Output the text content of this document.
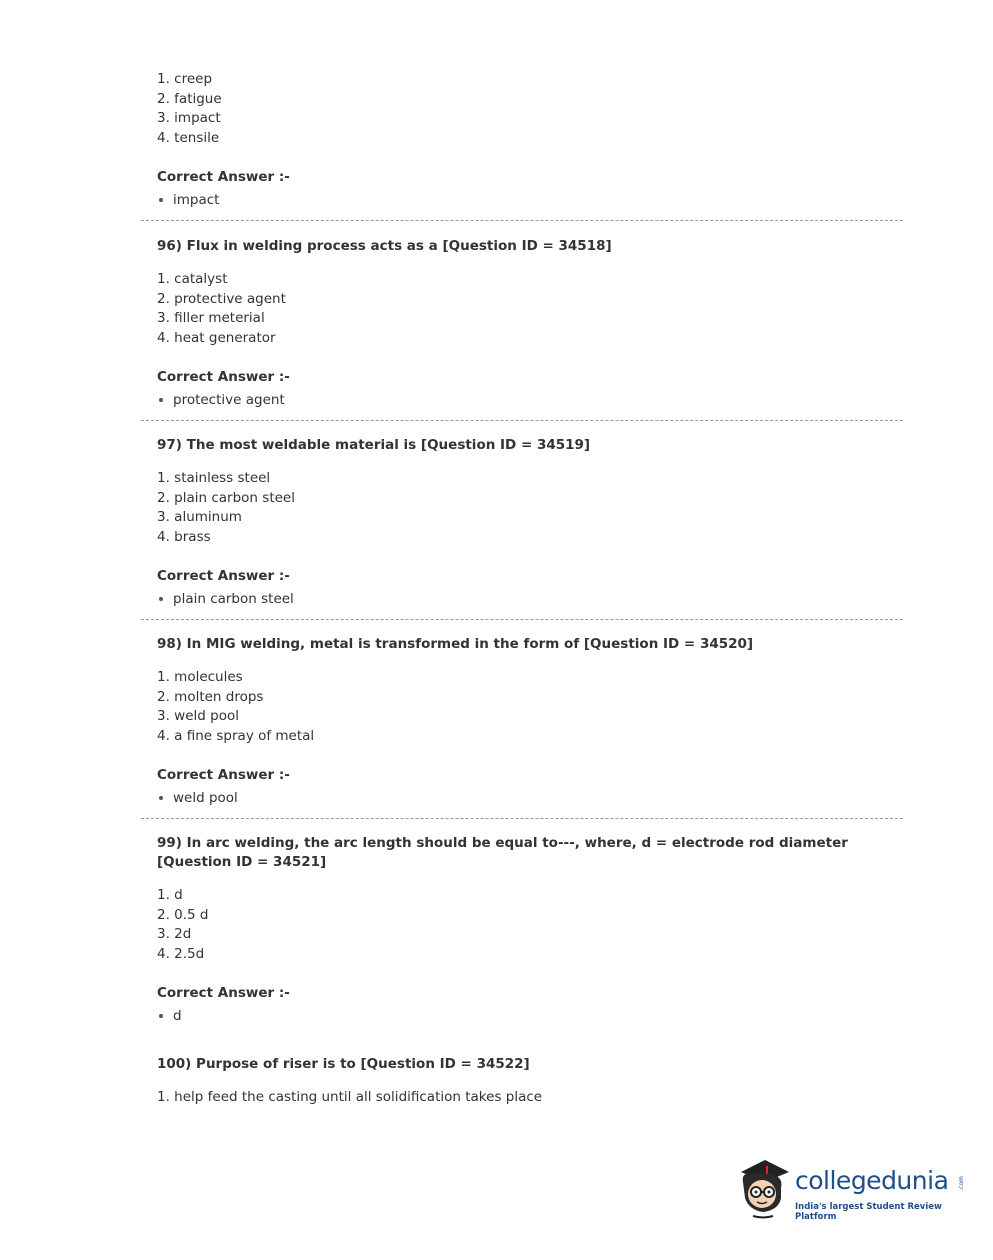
1. creep
2. fatigue
3. impact
4. tensile
Correct Answer :-
impact
96) Flux in welding process acts as a [Question ID = 34518]
1. catalyst
2. protective agent
3. filler meterial
4. heat generator
Correct Answer :-
protective agent
97) The most weldable material is [Question ID = 34519]
1. stainless steel
2. plain carbon steel
3. aluminum
4. brass
Correct Answer :-
plain carbon steel
98) In MIG welding, metal is transformed in the form of [Question ID = 34520]
1. molecules
2. molten drops
3. weld pool
4. a fine spray of metal
Correct Answer :-
weld pool
99) In arc welding, the arc length should be equal to---, where, d = electrode rod diameter [Question ID = 34521]
1. d
2. 0.5 d
3. 2d
4. 2.5d
Correct Answer :-
d
100) Purpose of riser is to [Question ID = 34522]
1. help feed the casting until all solidification takes place
collegedunia .com
India's largest Student Review Platform
